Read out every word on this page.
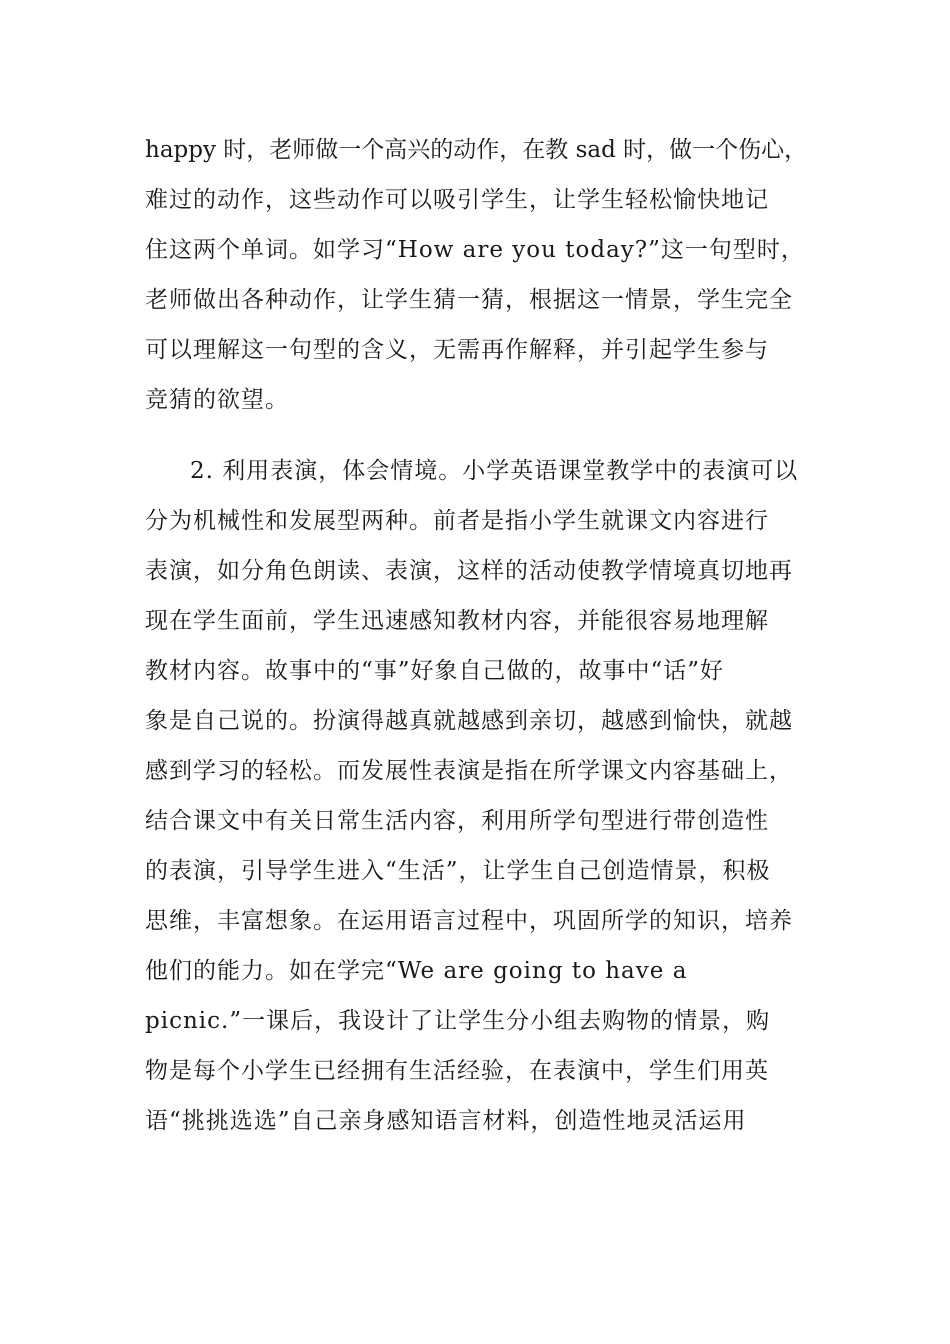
happy 时，老师做一个高兴的动作，在教 sad 时，做一个伤心，
难过的动作，这些动作可以吸引学生，让学生轻松愉快地记
住这两个单词。如学习“How are you today?”这一句型时，
老师做出各种动作，让学生猜一猜，根据这一情景，学生完全
可以理解这一句型的含义，无需再作解释，并引起学生参与
竞猜的欲望。
2. 利用表演，体会情境。小学英语课堂教学中的表演可以
分为机械性和发展型两种。前者是指小学生就课文内容进行
表演，如分角色朗读、表演，这样的活动使教学情境真切地再
现在学生面前，学生迅速感知教材内容，并能很容易地理解
教材内容。故事中的“事”好象自己做的，故事中“话”好
象是自己说的。扮演得越真就越感到亲切，越感到愉快，就越
感到学习的轻松。而发展性表演是指在所学课文内容基础上，
结合课文中有关日常生活内容，利用所学句型进行带创造性
的表演，引导学生进入“生活”，让学生自己创造情景，积极
思维，丰富想象。在运用语言过程中，巩固所学的知识，培养
他们的能力。如在学完“We are going to have a
picnic.”一课后，我设计了让学生分小组去购物的情景，购
物是每个小学生已经拥有生活经验，在表演中，学生们用英
语“挑挑选选”自己亲身感知语言材料，创造性地灵活运用
